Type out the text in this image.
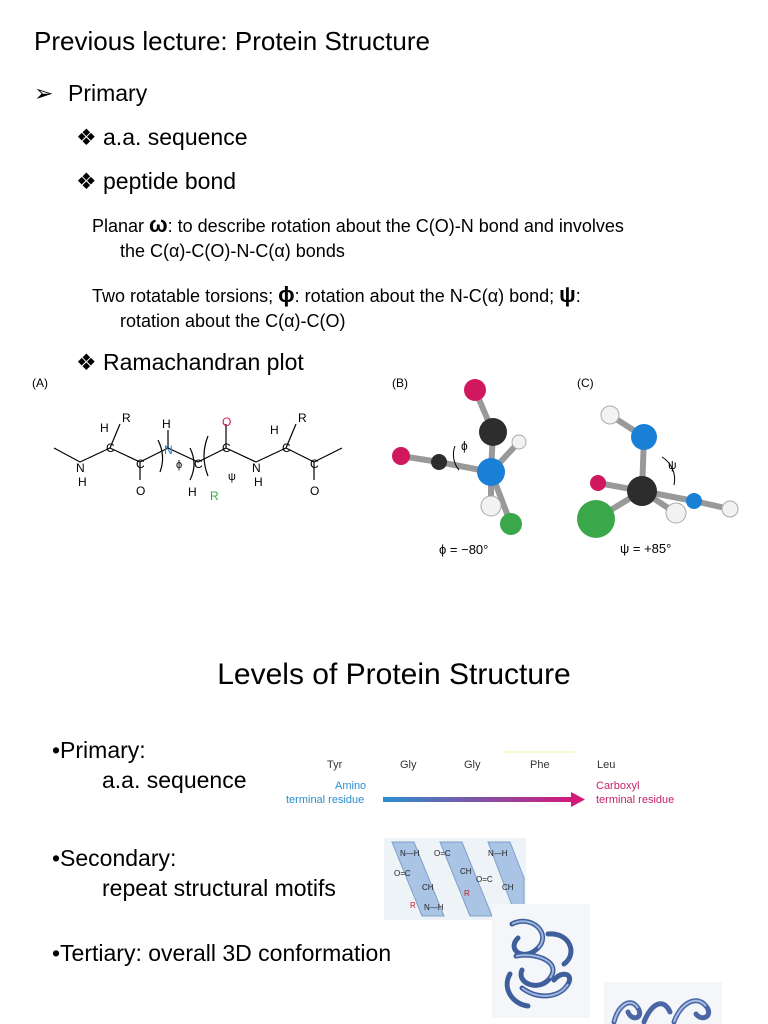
Previous lecture: Protein Structure
➢ Primary
❖ a.a. sequence
❖ peptide bond
Planar ω: to describe rotation about the C(O)-N bond and involves
the C(α)-C(O)-N-C(α) bonds
Two rotatable torsions; ϕ: rotation about the N-C(α) bond; ψ:
rotation about the C(α)-C(O)
❖ Ramachandran plot
(A)	(B)	(C)
N
H
C
H
R
C
O
H
N
ϕ C
H R
ψ
O
C
N
H
H
C
R
C
O
ϕ
ϕ = −80°
ψ
ψ = +85°
Levels of Protein Structure
•Primary:
a.a. sequence
Tyr	Gly	Gly	Phe	Leu
Amino
terminal residue
Carboxyl
terminal residue
•Secondary:
repeat structural motifs
N—H O=C	N—H
O=C
CH
CH
O=C
CH
N—H
R
R
•Tertiary: overall 3D conformation
